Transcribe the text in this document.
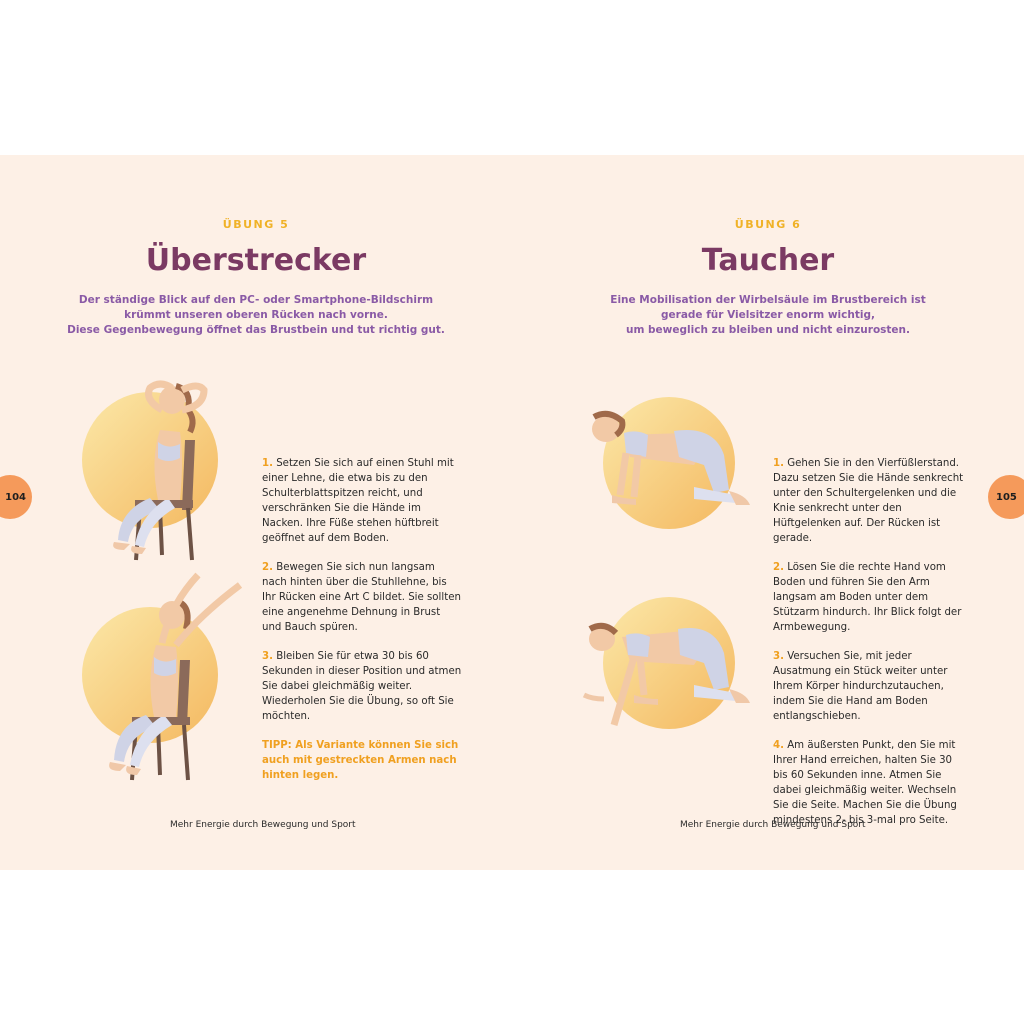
ÜBUNG 5
Überstrecker
Der ständige Blick auf den PC- oder Smartphone-Bildschirm
krümmt unseren oberen Rücken nach vorne.
Diese Gegenbewegung öffnet das Brustbein und tut richtig gut.

1. Setzen Sie sich auf einen Stuhl mit einer Lehne, die etwa bis zu den Schulterblattspitzen reicht, und verschränken Sie die Hände im Nacken. Ihre Füße stehen hüftbreit geöffnet auf dem Boden.

2. Bewegen Sie sich nun langsam nach hinten über die Stuhllehne, bis Ihr Rücken eine Art C bildet. Sie sollten eine angenehme Dehnung in Brust und Bauch spüren.

3. Bleiben Sie für etwa 30 bis 60 Sekunden in dieser Position und atmen Sie dabei gleichmäßig weiter. Wiederholen Sie die Übung, so oft Sie möchten.

TIPP: Als Variante können Sie sich auch mit gestreckten Armen nach hinten legen.

Mehr Energie durch Bewegung und Sport
ÜBUNG 6
Taucher
Eine Mobilisation der Wirbelsäule im Brustbereich ist
gerade für Vielsitzer enorm wichtig,
um beweglich zu bleiben und nicht einzurosten.

1. Gehen Sie in den Vierfüßlerstand. Dazu setzen Sie die Hände senkrecht unter den Schultergelenken und die Knie senkrecht unter den Hüftgelenken auf. Der Rücken ist gerade.

2. Lösen Sie die rechte Hand vom Boden und führen Sie den Arm langsam am Boden unter dem Stützarm hindurch. Ihr Blick folgt der Armbewegung.

3. Versuchen Sie, mit jeder Ausatmung ein Stück weiter unter Ihrem Körper hindurchzutauchen, indem Sie die Hand am Boden entlangschieben.

4. Am äußersten Punkt, den Sie mit Ihrer Hand erreichen, halten Sie 30 bis 60 Sekunden inne. Atmen Sie dabei gleichmäßig weiter. Wechseln Sie die Seite. Machen Sie die Übung mindestens 2- bis 3-mal pro Seite.

Mehr Energie durch Bewegung und Sport
104	105
